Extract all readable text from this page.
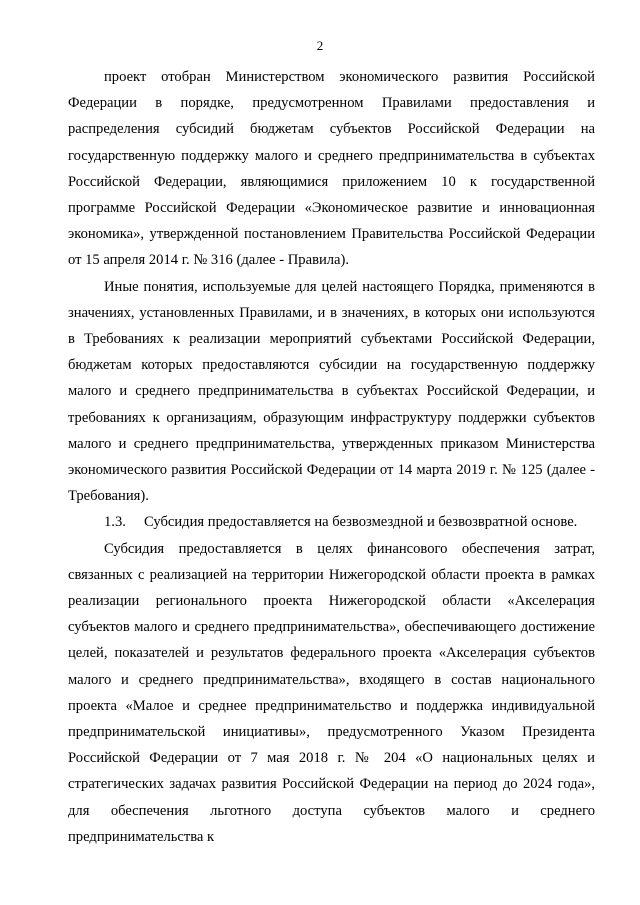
2

проект отобран Министерством экономического развития Российской Федерации в порядке, предусмотренном Правилами предоставления и распределения субсидий бюджетам субъектов Российской Федерации на государственную поддержку малого и среднего предпринимательства в субъектах Российской Федерации, являющимися приложением 10 к государственной программе Российской Федерации «Экономическое развитие и инновационная экономика», утвержденной постановлением Правительства Российской Федерации от 15 апреля 2014 г. № 316 (далее - Правила).

Иные понятия, используемые для целей настоящего Порядка, применяются в значениях, установленных Правилами, и в значениях, в которых они используются в Требованиях к реализации мероприятий субъектами Российской Федерации, бюджетам которых предоставляются субсидии на государственную поддержку малого и среднего предпринимательства в субъектах Российской Федерации, и требованиях к организациям, образующим инфраструктуру поддержки субъектов малого и среднего предпринимательства, утвержденных приказом Министерства экономического развития Российской Федерации от 14 марта 2019 г. № 125 (далее - Требования).

1.3. Субсидия предоставляется на безвозмездной и безвозвратной основе.

Субсидия предоставляется в целях финансового обеспечения затрат, связанных с реализацией на территории Нижегородской области проекта в рамках реализации регионального проекта Нижегородской области «Акселерация субъектов малого и среднего предпринимательства», обеспечивающего достижение целей, показателей и результатов федерального проекта «Акселерация субъектов малого и среднего предпринимательства», входящего в состав национального проекта «Малое и среднее предпринимательство и поддержка индивидуальной предпринимательской инициативы», предусмотренного Указом Президента Российской Федерации от 7 мая 2018 г. № 204 «О национальных целях и стратегических задачах развития Российской Федерации на период до 2024 года», для обеспечения льготного доступа субъектов малого и среднего предпринимательства к
